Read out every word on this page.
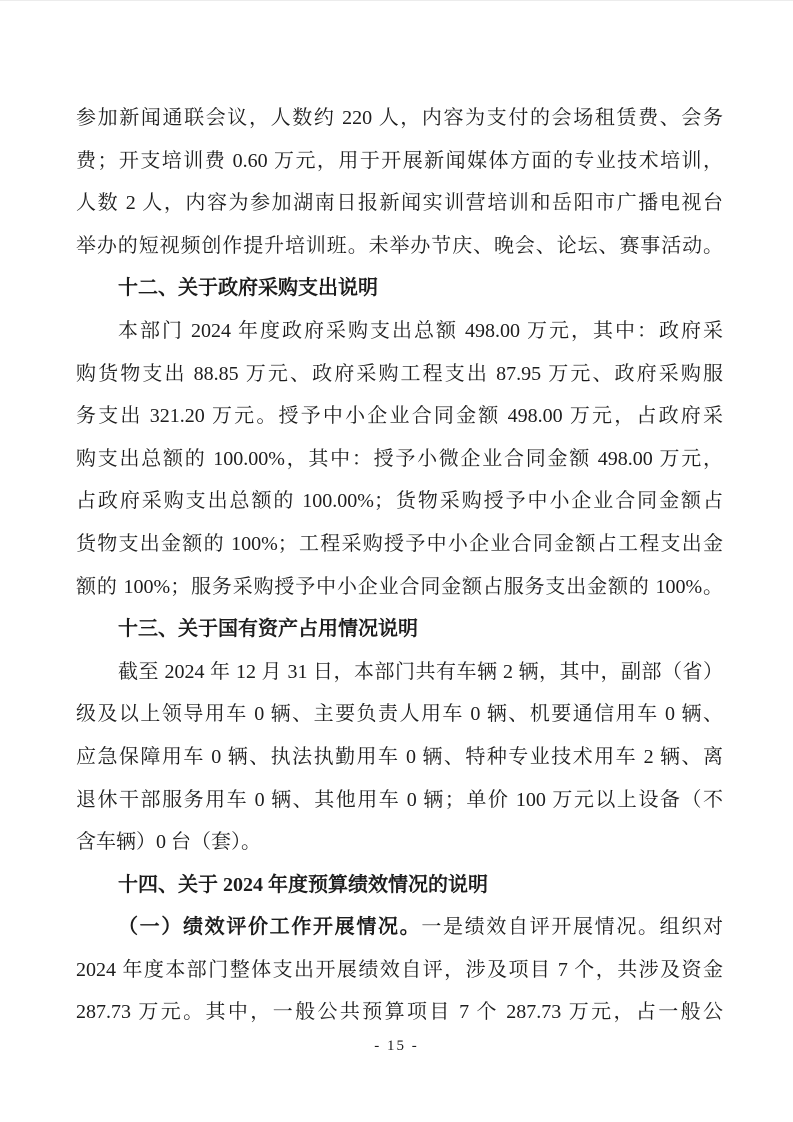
参加新闻通联会议，人数约 220 人，内容为支付的会场租赁费、会务
费；开支培训费 0.60 万元，用于开展新闻媒体方面的专业技术培训，
人数 2 人，内容为参加湖南日报新闻实训营培训和岳阳市广播电视台
举办的短视频创作提升培训班。未举办节庆、晚会、论坛、赛事活动。
十二、关于政府采购支出说明
本部门 2024 年度政府采购支出总额 498.00 万元，其中：政府采
购货物支出 88.85 万元、政府采购工程支出 87.95 万元、政府采购服
务支出 321.20 万元。授予中小企业合同金额 498.00 万元，占政府采
购支出总额的 100.00%，其中：授予小微企业合同金额 498.00 万元，
占政府采购支出总额的 100.00%；货物采购授予中小企业合同金额占
货物支出金额的 100%；工程采购授予中小企业合同金额占工程支出金
额的 100%；服务采购授予中小企业合同金额占服务支出金额的 100%。
十三、关于国有资产占用情况说明
截至 2024 年 12 月 31 日，本部门共有车辆 2 辆，其中，副部（省）
级及以上领导用车 0 辆、主要负责人用车 0 辆、机要通信用车 0 辆、
应急保障用车 0 辆、执法执勤用车 0 辆、特种专业技术用车 2 辆、离
退休干部服务用车 0 辆、其他用车 0 辆；单价 100 万元以上设备（不
含车辆）0 台（套）。
十四、关于 2024 年度预算绩效情况的说明
（一）绩效评价工作开展情况。一是绩效自评开展情况。组织对
2024 年度本部门整体支出开展绩效自评，涉及项目 7 个，共涉及资金
287.73 万元。其中，一般公共预算项目 7 个 287.73 万元，占一般公
- 15 -
